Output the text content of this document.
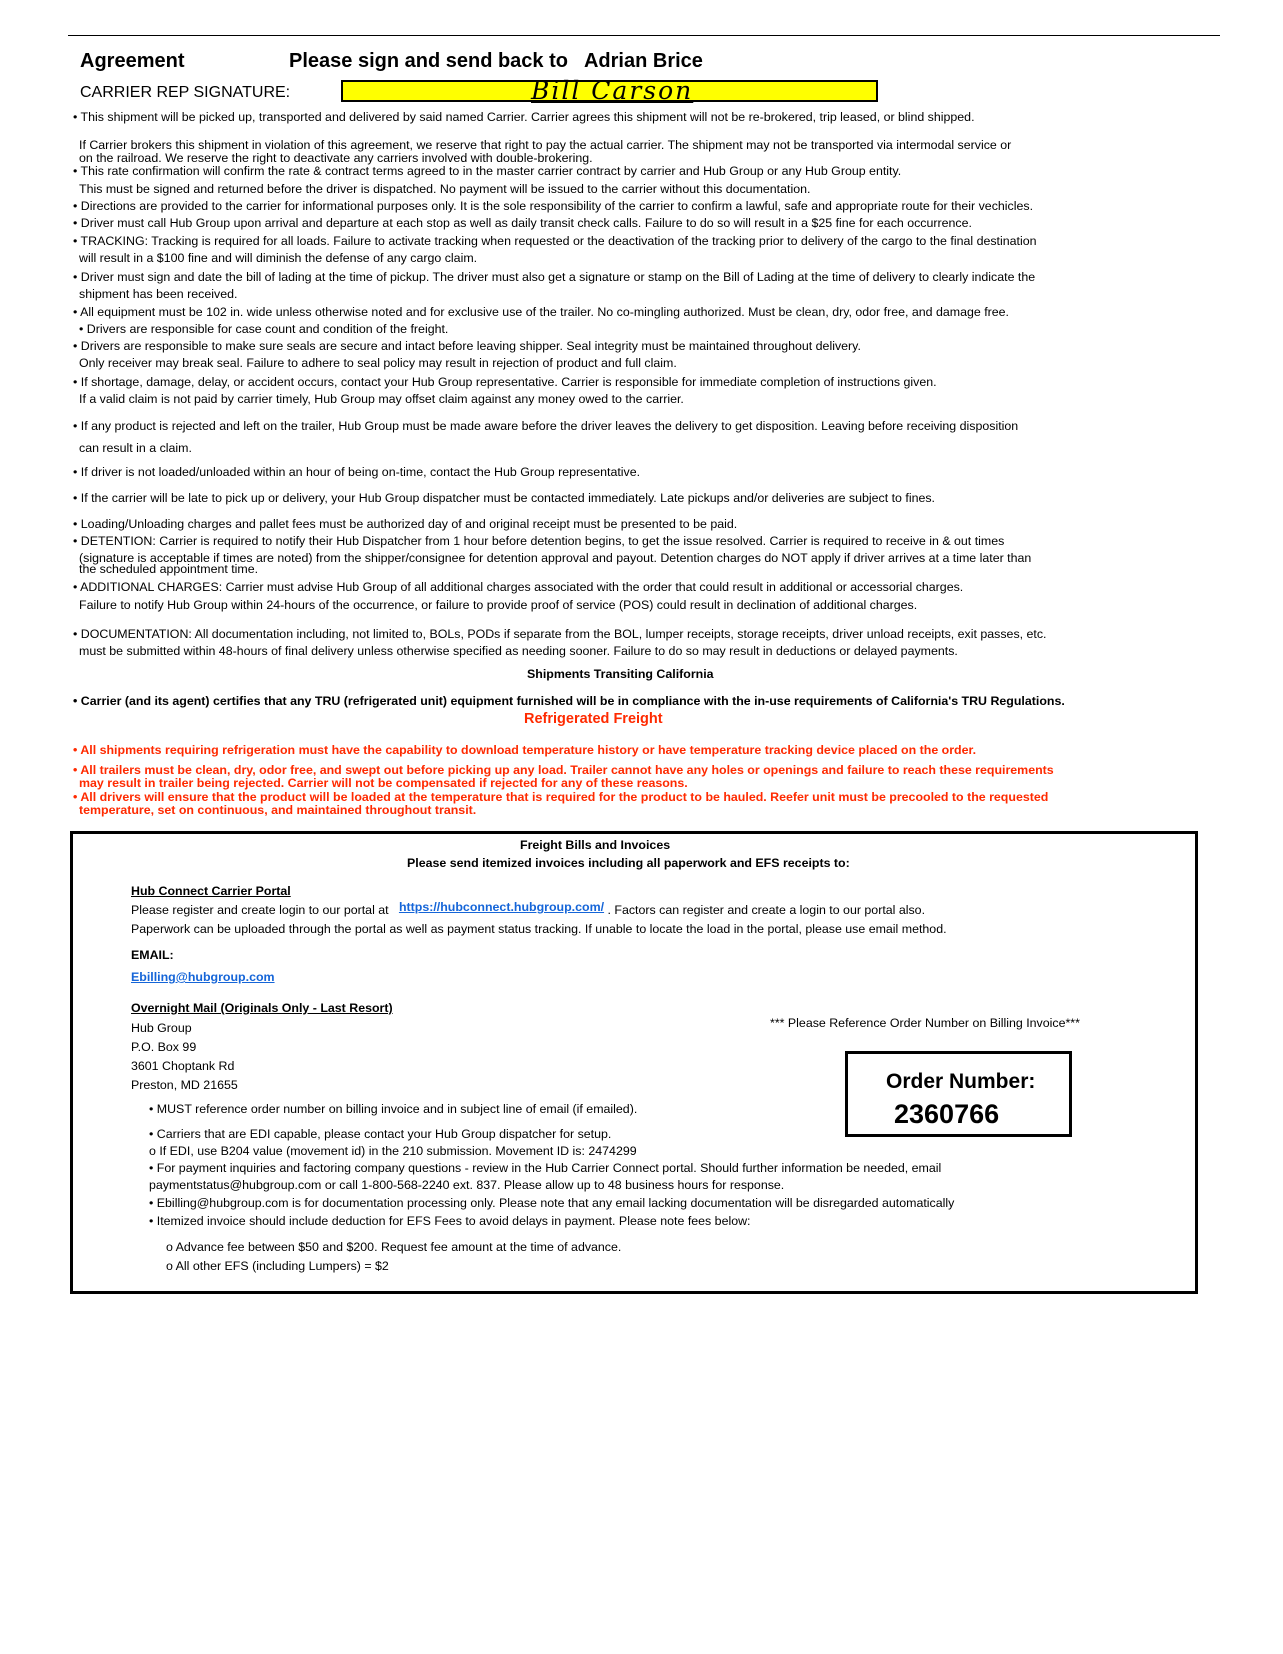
Agreement	Please sign and send back to Adrian Brice
CARRIER REP SIGNATURE:	Bill Carson
• This shipment will be picked up, transported and delivered by said named Carrier. Carrier agrees this shipment will not be re-brokered, trip leased, or blind shipped.
If Carrier brokers this shipment in violation of this agreement, we reserve that right to pay the actual carrier. The shipment may not be transported via intermodal service or
on the railroad. We reserve the right to deactivate any carriers involved with double-brokering.
• This rate confirmation will confirm the rate & contract terms agreed to in the master carrier contract by carrier and Hub Group or any Hub Group entity.
This must be signed and returned before the driver is dispatched. No payment will be issued to the carrier without this documentation.
• Directions are provided to the carrier for informational purposes only. It is the sole responsibility of the carrier to confirm a lawful, safe and appropriate route for their vechicles.
• Driver must call Hub Group upon arrival and departure at each stop as well as daily transit check calls. Failure to do so will result in a $25 fine for each occurrence.
• TRACKING: Tracking is required for all loads. Failure to activate tracking when requested or the deactivation of the tracking prior to delivery of the cargo to the final destination
will result in a $100 fine and will diminish the defense of any cargo claim.
• Driver must sign and date the bill of lading at the time of pickup. The driver must also get a signature or stamp on the Bill of Lading at the time of delivery to clearly indicate the
shipment has been received.
• All equipment must be 102 in. wide unless otherwise noted and for exclusive use of the trailer. No co-mingling authorized. Must be clean, dry, odor free, and damage free.
• Drivers are responsible for case count and condition of the freight.
• Drivers are responsible to make sure seals are secure and intact before leaving shipper. Seal integrity must be maintained throughout delivery.
Only receiver may break seal. Failure to adhere to seal policy may result in rejection of product and full claim.
• If shortage, damage, delay, or accident occurs, contact your Hub Group representative. Carrier is responsible for immediate completion of instructions given.
If a valid claim is not paid by carrier timely, Hub Group may offset claim against any money owed to the carrier.
• If any product is rejected and left on the trailer, Hub Group must be made aware before the driver leaves the delivery to get disposition. Leaving before receiving disposition
can result in a claim.
• If driver is not loaded/unloaded within an hour of being on-time, contact the Hub Group representative.
• If the carrier will be late to pick up or delivery, your Hub Group dispatcher must be contacted immediately. Late pickups and/or deliveries are subject to fines.
• Loading/Unloading charges and pallet fees must be authorized day of and original receipt must be presented to be paid.
• DETENTION: Carrier is required to notify their Hub Dispatcher from 1 hour before detention begins, to get the issue resolved. Carrier is required to receive in & out times
(signature is acceptable if times are noted) from the shipper/consignee for detention approval and payout. Detention charges do NOT apply if driver arrives at a time later than
the scheduled appointment time.
• ADDITIONAL CHARGES: Carrier must advise Hub Group of all additional charges associated with the order that could result in additional or accessorial charges.
Failure to notify Hub Group within 24-hours of the occurrence, or failure to provide proof of service (POS) could result in declination of additional charges.
• DOCUMENTATION: All documentation including, not limited to, BOLs, PODs if separate from the BOL, lumper receipts, storage receipts, driver unload receipts, exit passes, etc.
must be submitted within 48-hours of final delivery unless otherwise specified as needing sooner. Failure to do so may result in deductions or delayed payments.
Shipments Transiting California
• Carrier (and its agent) certifies that any TRU (refrigerated unit) equipment furnished will be in compliance with the in-use requirements of California's TRU Regulations.
Refrigerated Freight
• All shipments requiring refrigeration must have the capability to download temperature history or have temperature tracking device placed on the order.
• All trailers must be clean, dry, odor free, and swept out before picking up any load. Trailer cannot have any holes or openings and failure to reach these requirements
may result in trailer being rejected. Carrier will not be compensated if rejected for any of these reasons.
• All drivers will ensure that the product will be loaded at the temperature that is required for the product to be hauled. Reefer unit must be precooled to the requested
temperature, set on continuous, and maintained throughout transit.
Freight Bills and Invoices
Please send itemized invoices including all paperwork and EFS receipts to:
Hub Connect Carrier Portal
Please register and create login to our portal at https://hubconnect.hubgroup.com/ . Factors can register and create a login to our portal also.
Paperwork can be uploaded through the portal as well as payment status tracking. If unable to locate the load in the portal, please use email method.
EMAIL:
Ebilling@hubgroup.com
Overnight Mail (Originals Only - Last Resort)
Hub Group
P.O. Box 99
3601 Choptank Rd
Preston, MD 21655
*** Please Reference Order Number on Billing Invoice***
Order Number:
2360766
• MUST reference order number on billing invoice and in subject line of email (if emailed).
• Carriers that are EDI capable, please contact your Hub Group dispatcher for setup.
o If EDI, use B204 value (movement id) in the 210 submission. Movement ID is: 2474299
• For payment inquiries and factoring company questions - review in the Hub Carrier Connect portal. Should further information be needed, email
paymentstatus@hubgroup.com or call 1-800-568-2240 ext. 837. Please allow up to 48 business hours for response.
• Ebilling@hubgroup.com is for documentation processing only. Please note that any email lacking documentation will be disregarded automatically
• Itemized invoice should include deduction for EFS Fees to avoid delays in payment. Please note fees below:
o Advance fee between $50 and $200. Request fee amount at the time of advance.
o All other EFS (including Lumpers) = $2
